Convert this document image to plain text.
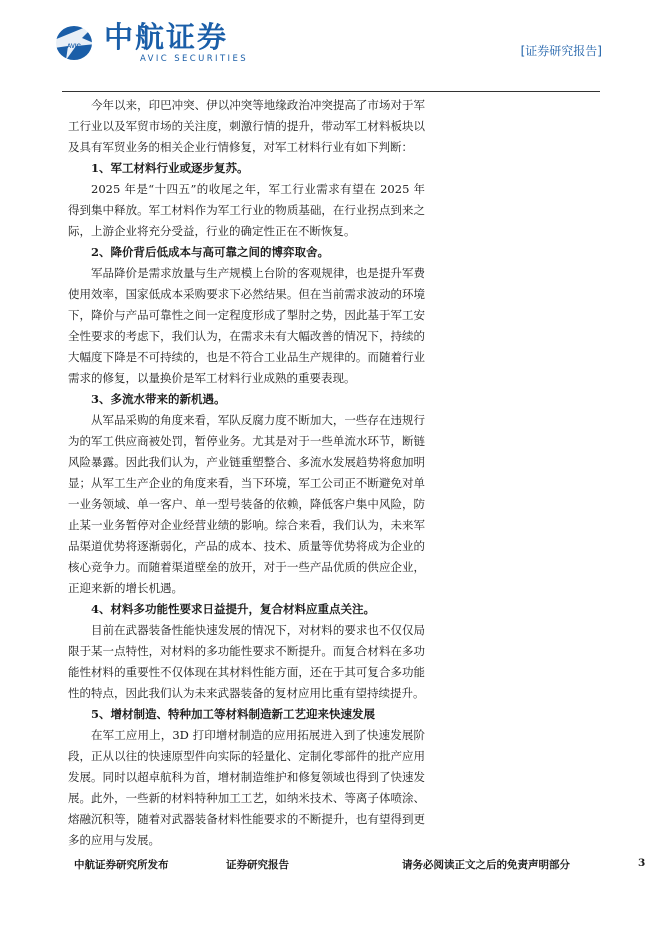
AVIC 中航证券
AVIC SECURITIES
[证券研究报告]

今年以来，印巴冲突、伊以冲突等地缘政治冲突提高了市场对于军工行业以及军贸市场的关注度，刺激行情的提升，带动军工材料板块以及具有军贸业务的相关企业行情修复，对军工材料行业有如下判断：

1、军工材料行业或逐步复苏。

2025 年是“十四五”的收尾之年，军工行业需求有望在 2025 年得到集中释放。军工材料作为军工行业的物质基础，在行业拐点到来之际，上游企业将充分受益，行业的确定性正在不断恢复。

2、降价背后低成本与高可靠之间的博弈取舍。

军品降价是需求放量与生产规模上台阶的客观规律，也是提升军费使用效率，国家低成本采购要求下必然结果。但在当前需求波动的环境下，降价与产品可靠性之间一定程度形成了掣肘之势，因此基于军工安全性要求的考虑下，我们认为，在需求未有大幅改善的情况下，持续的大幅度下降是不可持续的，也是不符合工业品生产规律的。而随着行业需求的修复，以量换价是军工材料行业成熟的重要表现。

3、多流水带来的新机遇。

从军品采购的角度来看，军队反腐力度不断加大，一些存在违规行为的军工供应商被处罚，暂停业务。尤其是对于一些单流水环节，断链风险暴露。因此我们认为，产业链重塑整合、多流水发展趋势将愈加明显；从军工生产企业的角度来看，当下环境，军工公司正不断避免对单一业务领域、单一客户、单一型号装备的依赖，降低客户集中风险，防止某一业务暂停对企业经营业绩的影响。综合来看，我们认为，未来军品渠道优势将逐渐弱化，产品的成本、技术、质量等优势将成为企业的核心竞争力。而随着渠道壁垒的放开，对于一些产品优质的供应企业，正迎来新的增长机遇。

4、材料多功能性要求日益提升，复合材料应重点关注。

目前在武器装备性能快速发展的情况下，对材料的要求也不仅仅局限于某一点特性，对材料的多功能性要求不断提升。而复合材料在多功能性材料的重要性不仅体现在其材料性能方面，还在于其可复合多功能性的特点，因此我们认为未来武器装备的复材应用比重有望持续提升。

5、增材制造、特种加工等材料制造新工艺迎来快速发展

在军工应用上，3D 打印增材制造的应用拓展进入到了快速发展阶段，正从以往的快速原型件向实际的轻量化、定制化零部件的批产应用发展。同时以超卓航科为首，增材制造维护和修复领域也得到了快速发展。此外，一些新的材料特种加工工艺，如纳米技术、等离子体喷涂、熔融沉积等，随着对武器装备材料性能要求的不断提升，也有望得到更多的应用与发展。

中航证券研究所发布	证券研究报告	请务必阅读正文之后的免责声明部分	3
